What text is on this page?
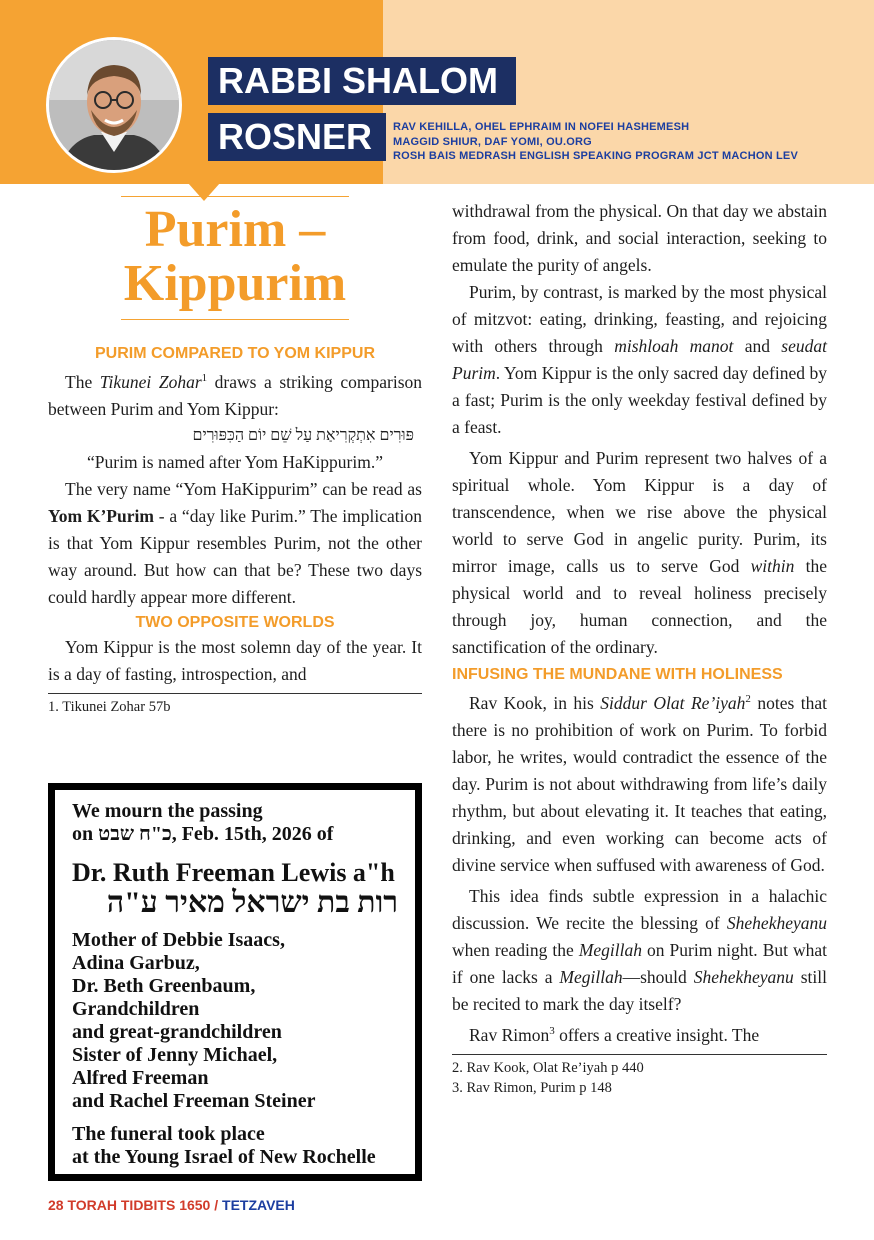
RABBI SHALOM
ROSNER	RAV KEHILLA, OHEL EPHRAIM IN NOFEI HASHEMESH
MAGGID SHIUR, DAF YOMI, OU.ORG
ROSH BAIS MEDRASH ENGLISH SPEAKING PROGRAM JCT MACHON LEV
Purim –
Kippurim
PURIM COMPARED TO YOM KIPPUR

The Tikunei Zohar$^1$ draws a striking comparison between Purim and Yom Kippur:

פּוּרִים אִתְקְרִיאַת עַל שֵׁם יוֹם הַכִּפּוּרִים

“Purim is named after Yom HaKippurim.”

The very name “Yom HaKippurim” can be read as Yom K’Purim - a “day like Purim.” The implication is that Yom Kippur resembles Purim, not the other way around. But how can that be? These two days could hardly appear more different.

TWO OPPOSITE WORLDS

Yom Kippur is the most solemn day of the year. It is a day of fasting, introspection, and

1. Tikunei Zohar 57b

We mourn the passing

on כ"ח שבט, Feb. 15th, 2026 of

Dr. Ruth Freeman Lewis a"h

רות בת ישראל מאיר ע"ה

Mother of Debbie Isaacs,

Adina Garbuz,

Dr. Beth Greenbaum,

Grandchildren

and great-grandchildren

Sister of Jenny Michael,

Alfred Freeman

and Rachel Freeman Steiner

The funeral took place

at the Young Israel of New Rochelle

withdrawal from the physical. On that day we abstain from food, drink, and social interaction, seeking to emulate the purity of angels.

Purim, by contrast, is marked by the most physical of mitzvot: eating, drinking, feasting, and rejoicing with others through mishloah manot and seudat Purim. Yom Kippur is the only sacred day defined by a fast; Purim is the only weekday festival defined by a feast.

Yom Kippur and Purim represent two halves of a spiritual whole. Yom Kippur is a day of transcendence, when we rise above the physical world to serve God in angelic purity. Purim, its mirror image, calls us to serve God within the physical world and to reveal holiness precisely through joy, human connection, and the sanctification of the ordinary.

INFUSING THE MUNDANE WITH HOLINESS

Rav Kook, in his Siddur Olat Re’iyah$^2$ notes that there is no prohibition of work on Purim. To forbid labor, he writes, would contradict the essence of the day. Purim is not about withdrawing from life’s daily rhythm, but about elevating it. It teaches that eating, drinking, and even working can become acts of divine service when suffused with awareness of God.

This idea finds subtle expression in a halachic discussion. We recite the blessing of Shehekheyanu when reading the Megillah on Purim night. But what if one lacks a Megillah—should Shehekheyanu still be recited to mark the day itself?

Rav Rimon$^3$ offers a creative insight. The

2. Rav Kook, Olat Re’iyah p 440

3. Rav Rimon, Purim p 148

28 TORAH TIDBITS 1650 / TETZAVEH
